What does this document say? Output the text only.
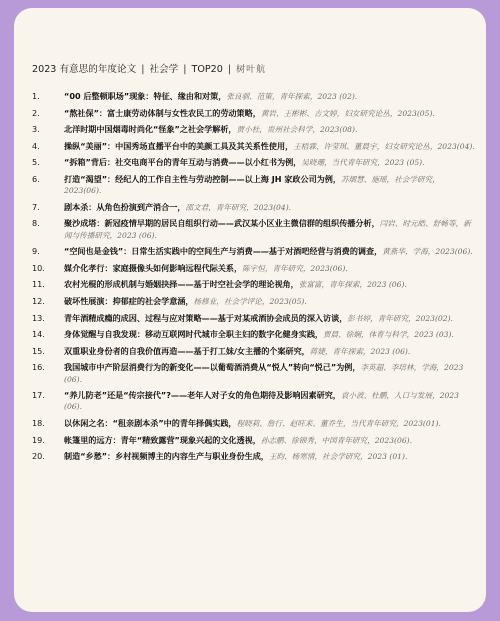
2023 有意思的年度论文 | 社会学 | TOP20 | 树叶航
1.	“00 后整顿职场”现象：特征、缘由和对策，张良驯、范策，青年探索，2023 (02).
2.	“熬社保”：富士康劳动体制与女性农民工的劳动策略，黄岩、王彬彬、吉文婷，妇女研究论丛，2023(05).
3.	北洋时期中国烟毒时尚化“怪象”之社会学解析，贾小杜，贵州社会科学，2023(08).
4.	操纵“美丽”：中国秀场直播平台中的美颜工具及其关系性使用，王梧霖、许莹琪、董晨宇，妇女研究论丛，2023(04).
5.	“拆箱”背后：社交电商平台的青年互动与消费——以小红书为例，吴晓珊，当代青年研究，2023 (05).
6.	打造“渴望”：经纪人的工作自主性与劳动控制——以上海 JH 家政公司为例，苏熠慧、施瑶，社会学研究，2023(06).
7.	剧本杀：从角色扮演到产消合一，邵文君，青年研究，2023(04).
8.	聚沙成塔：新冠疫情早期的居民自组织行动——武汉某小区业主微信群的组织传播分析，闫岩、时元皓、舒畅等，新闻与传播研究，2023 (06).
9.	“空间也是金钱”：日常生活实践中的空间生产与消费——基于对酒吧经营与消费的调查，黄燕华，学海，2023(06).
10.	媒介化孝行：家庭摄像头如何影响远程代际关系，陈宇恒，青年研究，2023(06).
11.	农村光棍的形成机制与婚姻抉择——基于时空社会学的理论视角，张富富，青年探索，2023 (06).
12.	破坏性展演：抑郁症的社会学意涵，杨修业，社会学评论，2023(05).
13.	青年酒精成瘾的成因、过程与应对策略——基于对某戒酒协会成员的深入访谈，彭书婷，青年研究，2023(02).
14.	身体觉醒与自我发现：移动互联网时代城市全职主妇的数字化健身实践，贾晨、徐娴，体育与科学，2023 (03).
15.	双重职业身份者的自我价值再造——基于打工妹/女主播的个案研究，蒋婕，青年探索，2023 (06).
16.	我国城市中产阶层消费行为的新变化——以葡萄酒消费从“悦人”转向“悦己”为例，李英超、李培林，学海，2023 (06).
17.	“养儿防老”还是“传宗接代”?——老年人对子女的角色期待及影响因素研究，袁小波、杜鹏，人口与发展，2023 (06).
18.	以休闲之名：“租亲剧本杀”中的青年择偶实践，程晓莉、詹行、赵旺来、董乔生，当代青年研究，2023(01).
19.	帐篷里的远方：青年“精致露营”现象兴起的文化透视，孙志鹏、徐锦秀，中国青年研究，2023(06).
20.	制造“乡愁”：乡村视频博主的内容生产与职业身份生成，王昀、杨寒情，社会学研究，2023 (01).
